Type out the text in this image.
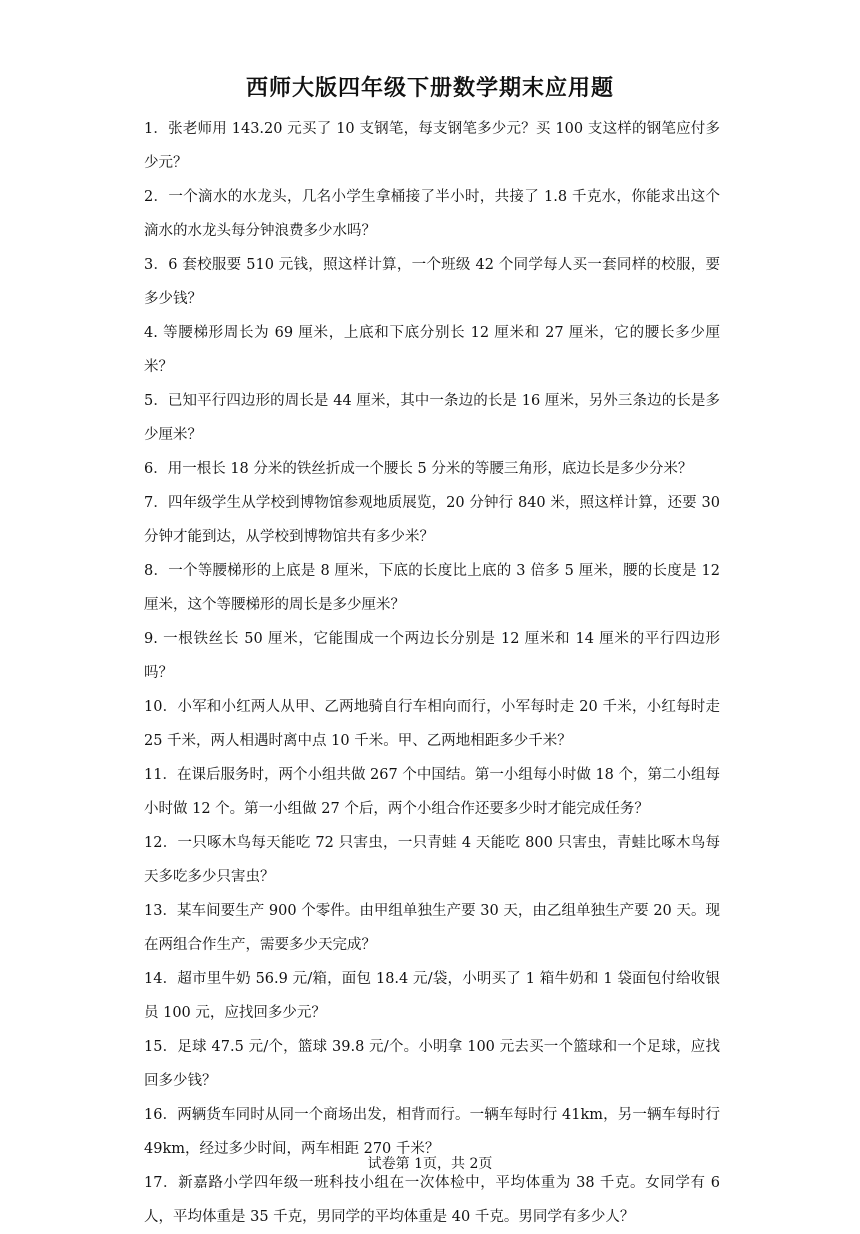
西师大版四年级下册数学期末应用题

1．张老师用 143.20 元买了 10 支钢笔，每支钢笔多少元？买 100 支这样的钢笔应付多少元？

2．一个滴水的水龙头，几名小学生拿桶接了半小时，共接了 1.8 千克水，你能求出这个滴水的水龙头每分钟浪费多少水吗？

3．6 套校服要 510 元钱，照这样计算，一个班级 42 个同学每人买一套同样的校服，要多少钱？

4. 等腰梯形周长为 69 厘米，上底和下底分别长 12 厘米和 27 厘米，它的腰长多少厘米？

5．已知平行四边形的周长是 44 厘米，其中一条边的长是 16 厘米，另外三条边的长是多少厘米？

6．用一根长 18 分米的铁丝折成一个腰长 5 分米的等腰三角形，底边长是多少分米？

7．四年级学生从学校到博物馆参观地质展览，20 分钟行 840 米，照这样计算，还要 30 分钟才能到达，从学校到博物馆共有多少米？

8．一个等腰梯形的上底是 8 厘米，下底的长度比上底的 3 倍多 5 厘米，腰的长度是 12 厘米，这个等腰梯形的周长是多少厘米？

9. 一根铁丝长 50 厘米，它能围成一个两边长分别是 12 厘米和 14 厘米的平行四边形吗？

10．小军和小红两人从甲、乙两地骑自行车相向而行，小军每时走 20 千米，小红每时走 25 千米，两人相遇时离中点 10 千米。甲、乙两地相距多少千米？

11．在课后服务时，两个小组共做 267 个中国结。第一小组每小时做 18 个，第二小组每小时做 12 个。第一小组做 27 个后，两个小组合作还要多少时才能完成任务？

12．一只啄木鸟每天能吃 72 只害虫，一只青蛙 4 天能吃 800 只害虫，青蛙比啄木鸟每天多吃多少只害虫？

13．某车间要生产 900 个零件。由甲组单独生产要 30 天，由乙组单独生产要 20 天。现在两组合作生产，需要多少天完成？

14．超市里牛奶 56.9 元/箱，面包 18.4 元/袋，小明买了 1 箱牛奶和 1 袋面包付给收银员 100 元，应找回多少元？

15．足球 47.5 元/个，篮球 39.8 元/个。小明拿 100 元去买一个篮球和一个足球，应找回多少钱？

16．两辆货车同时从同一个商场出发，相背而行。一辆车每时行 41km，另一辆车每时行 49km，经过多少时间，两车相距 270 千米？

17．新嘉路小学四年级一班科技小组在一次体检中，平均体重为 38 千克。女同学有 6 人，平均体重是 35 千克，男同学的平均体重是 40 千克。男同学有多少人？

试卷第 1页，共 2页
